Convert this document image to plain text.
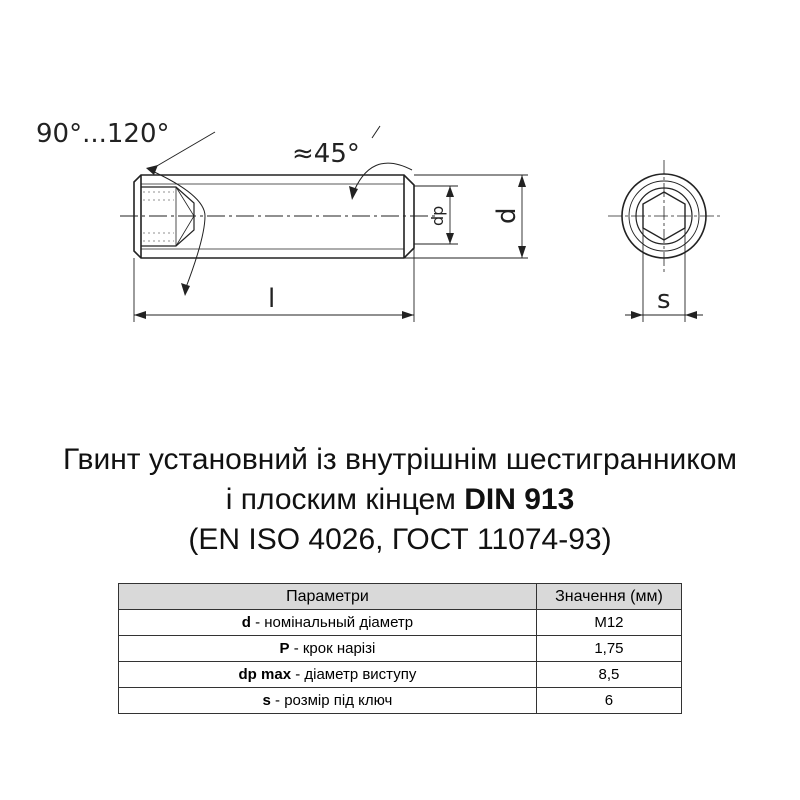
90°...120°
≈45°
dp d
l	s
Гвинт установний із внутрішнім шестигранником
і плоским кінцем DIN 913
(EN ISO 4026, ГОСТ 11074-93)
Параметри	Значення (мм)
d - номінальный діаметр	M12
P - крок нарізі	1,75
dp max - діаметр виступу	8,5
s - розмір під ключ	6
